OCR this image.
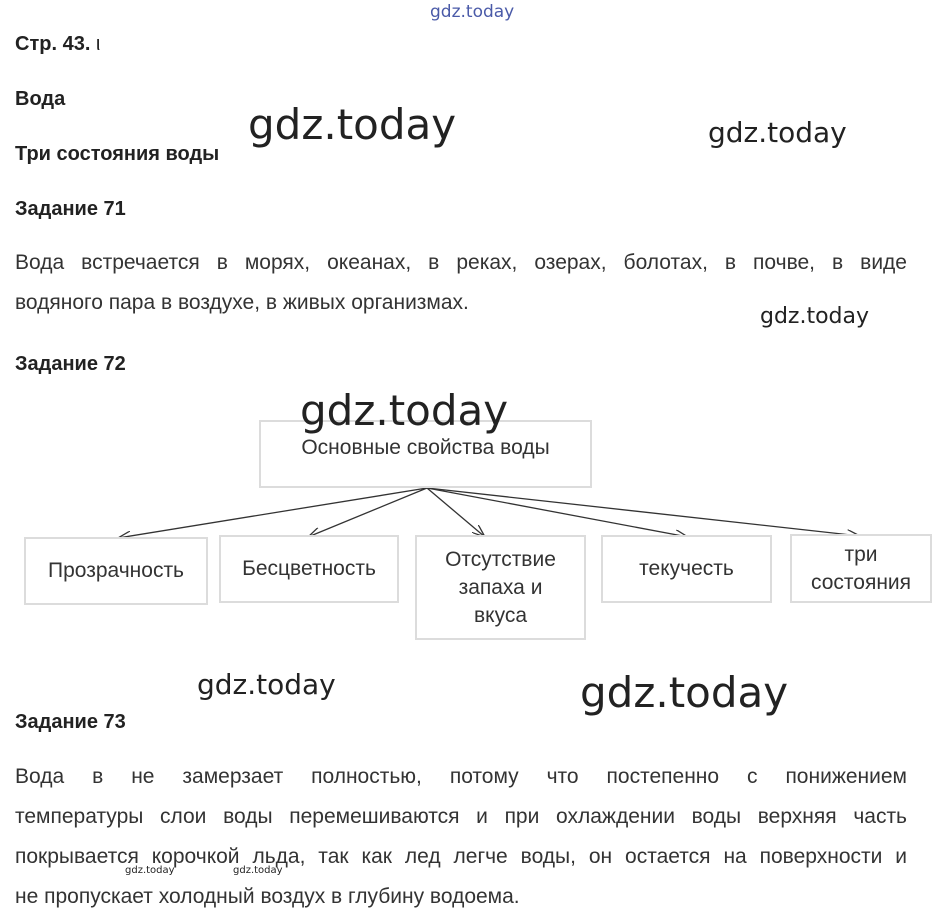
gdz.today
Стр. 43. ι
Вода
Три состояния воды
Задание 71
Вода встречается в морях, океанах, в реках, озерах, болотах, в почве, в виде
водяного пара в воздухе, в живых организмах.
Задание 72
Основные свойства воды
Прозрачность	Бесцветность	Отсутствие запаха и вкуса
текучесть
три состояния
Задание 73
Вода в не замерзает полностью, потому что постепенно с понижением
температуры слои воды перемешиваются и при охлаждении воды верхняя часть
покрывается корочкой льда, так как лед легче воды, он остается на поверхности и
не пропускает холодный воздух в глубину водоема.
gdz.today	gdz.today
gdz.today
gdz.today
gdz.today	gdz.today
gdz.today	gdz.today
